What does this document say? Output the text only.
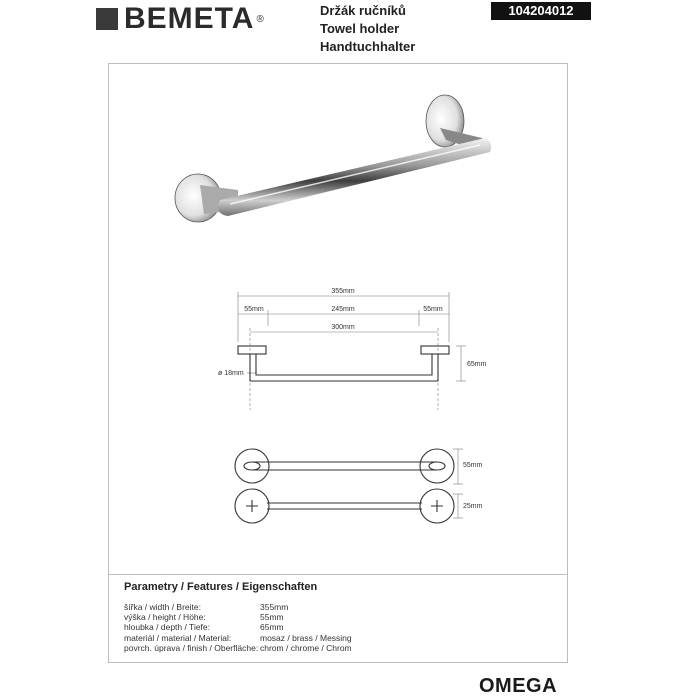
BEMETA ®
Držák ručníků
Towel holder
Handtuchhalter
104204012
355mm
55mm	245mm	55mm
300mm
65mm
ø 18mm
55mm
25mm
Parametry / Features / Eigenschaften
šířka / width / Breite:	355mm
výška / height / Höhe:	55mm
hloubka / depth / Tiefe:	65mm
materiál / material / Material:	mosaz / brass / Messing
povrch. úprava / finish / Oberfläche: chrom / chrome / Chrom
OMEGA
